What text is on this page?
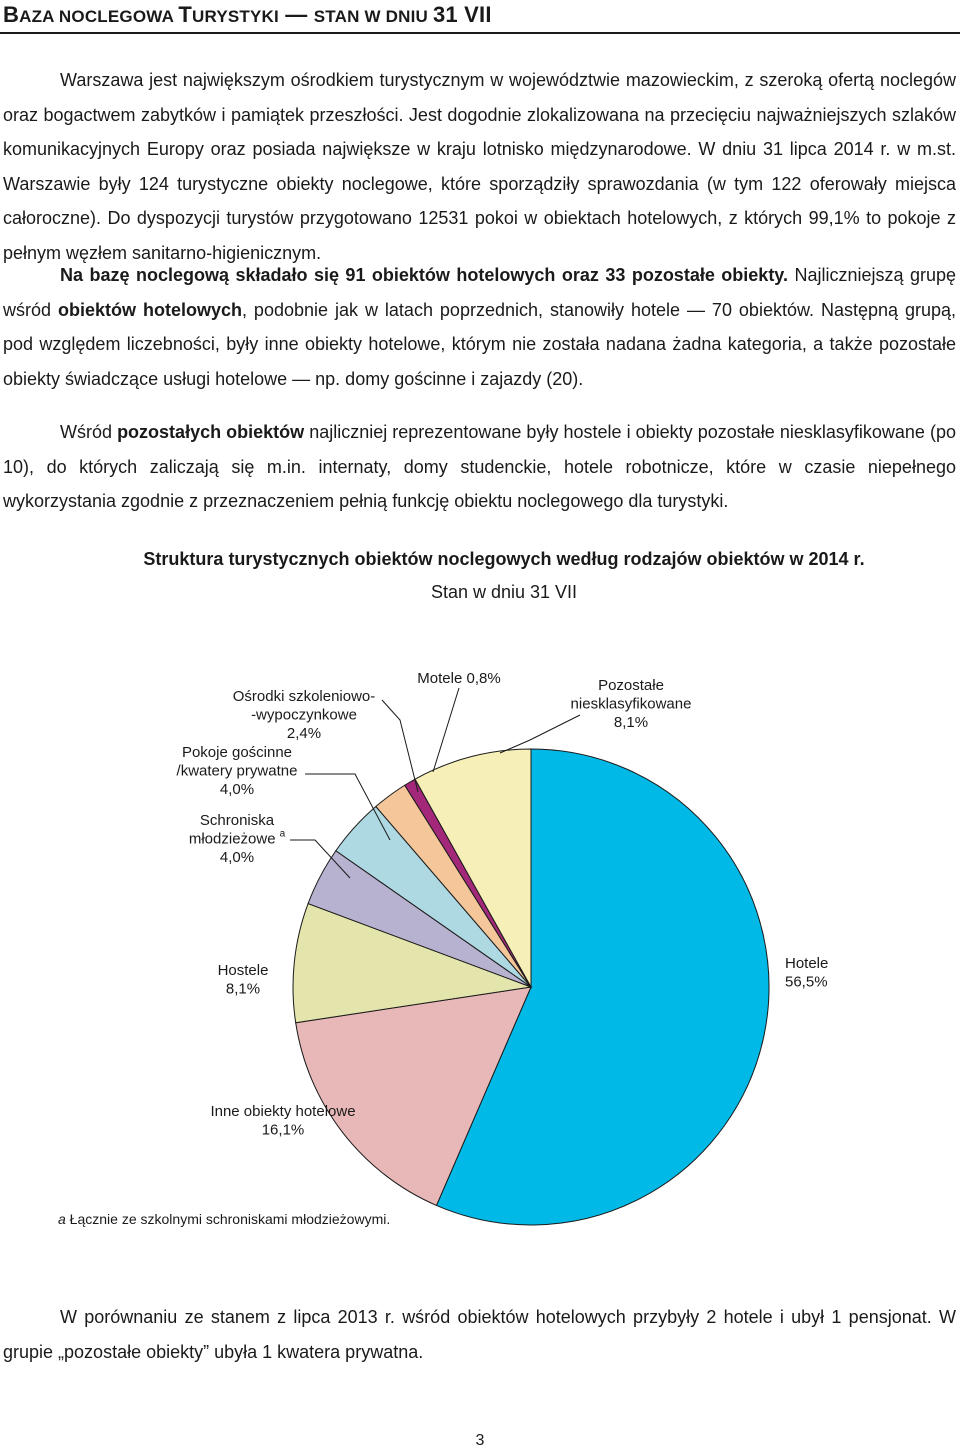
BAZA NOCLEGOWA TURYSTYKI — STAN W DNIU 31 VII

Warszawa jest największym ośrodkiem turystycznym w województwie mazowieckim, z szeroką ofertą noclegów oraz bogactwem zabytków i pamiątek przeszłości. Jest dogodnie zlokalizowana na przecięciu najważniejszych szlaków komunikacyjnych Europy oraz posiada największe w kraju lotnisko międzynarodowe. W dniu 31 lipca 2014 r. w m.st. Warszawie były 124 turystyczne obiekty noclegowe, które sporządziły sprawozdania (w tym 122 oferowały miejsca całoroczne). Do dyspozycji turystów przygotowano 12531 pokoi w obiektach hotelowych, z których 99,1% to pokoje z pełnym węzłem sanitarno-higienicznym.

Na bazę noclegową składało się 91 obiektów hotelowych oraz 33 pozostałe obiekty. Najliczniejszą grupę wśród obiektów hotelowych, podobnie jak w latach poprzednich, stanowiły hotele — 70 obiektów. Następną grupą, pod względem liczebności, były inne obiekty hotelowe, którym nie została nadana żadna kategoria, a także pozostałe obiekty świadczące usługi hotelowe — np. domy gościnne i zajazdy (20).

Wśród pozostałych obiektów najliczniej reprezentowane były hostele i obiekty pozostałe niesklasyfikowane (po 10), do których zaliczają się m.in. internaty, domy studenckie, hotele robotnicze, które w czasie niepełnego wykorzystania zgodnie z przeznaczeniem pełnią funkcję obiektu noclegowego dla turystyki.

Struktura turystycznych obiektów noclegowych według rodzajów obiektów w 2014 r.
Stan w dniu 31 VII
Hotele 56,5%
Inne obiekty hotelowe 16,1%
Hostele 8,1%
Schroniska młodzieżowe $^a$ 4,0%
Pokoje gościnne /kwatery prywatne 4,0%
Ośrodki szkoleniowo--wypoczynkowe 2,4%
Motele 0,8%	Pozostałe niesklasyfikowane 8,1%
a Łącznie ze szkolnymi schroniskami młodzieżowymi.

W porównaniu ze stanem z lipca 2013 r. wśród obiektów hotelowych przybyły 2 hotele i ubył 1 pensjonat. W grupie „pozostałe obiekty” ubyła 1 kwatera prywatna.

3
